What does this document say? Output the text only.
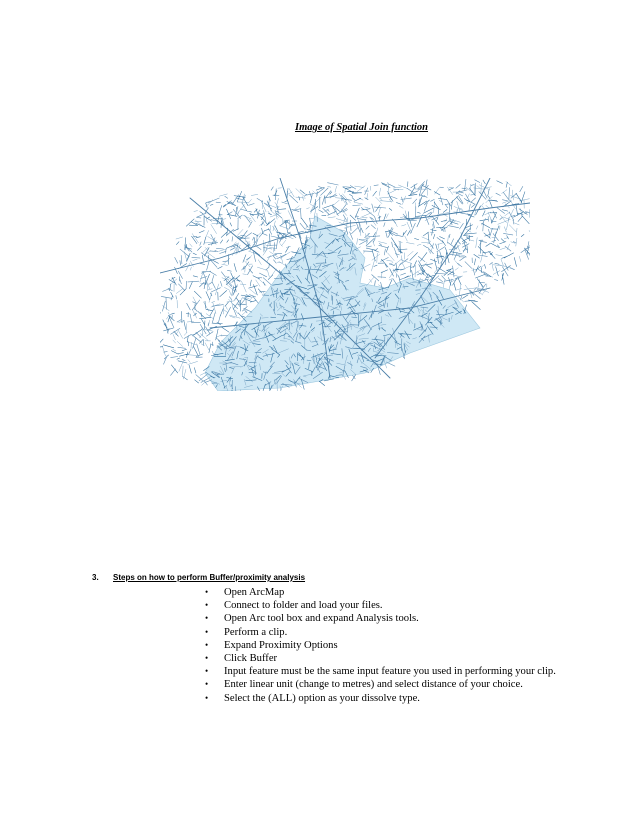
Image of Spatial Join function
3. Steps on how to perform Buffer/proximity analysis
• Open ArcMap
• Connect to folder and load your files.
• Open Arc tool box and expand Analysis tools.
• Perform a clip.
• Expand Proximity Options
• Click Buffer
• Input feature must be the same input feature you used in performing your clip.
• Enter linear unit (change to metres) and select distance of your choice.
• Select the (ALL) option as your dissolve type.
